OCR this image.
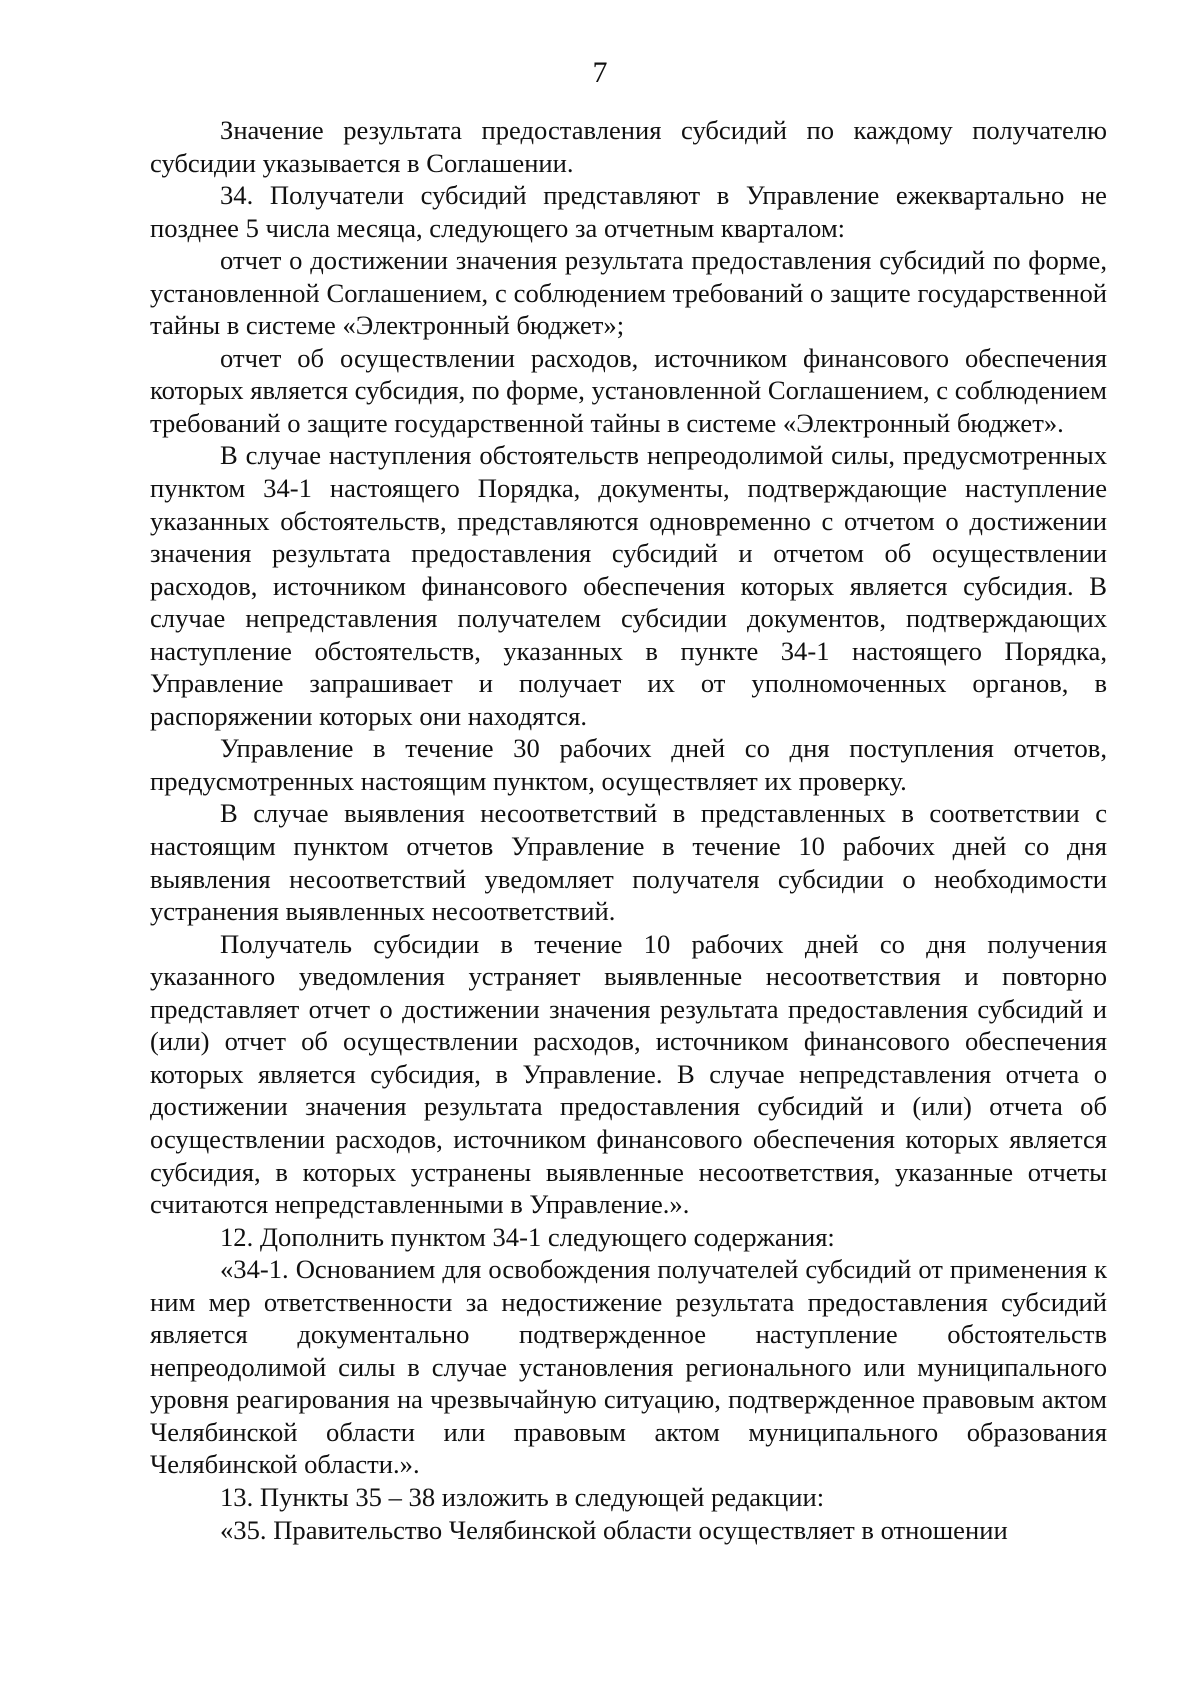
7

Значение результата предоставления субсидий по каждому получателю субсидии указывается в Соглашении.

34. Получатели субсидий представляют в Управление ежеквартально не позднее 5 числа месяца, следующего за отчетным кварталом:

отчет о достижении значения результата предоставления субсидий по форме, установленной Соглашением, с соблюдением требований о защите государственной тайны в системе «Электронный бюджет»;

отчет об осуществлении расходов, источником финансового обеспечения которых является субсидия, по форме, установленной Соглашением, с соблюдением требований о защите государственной тайны в системе «Электронный бюджет».

В случае наступления обстоятельств непреодолимой силы, предусмотренных пунктом 34-1 настоящего Порядка, документы, подтверждающие наступление указанных обстоятельств, представляются одновременно с отчетом о достижении значения результата предоставления субсидий и отчетом об осуществлении расходов, источником финансового обеспечения которых является субсидия. В случае непредставления получателем субсидии документов, подтверждающих наступление обстоятельств, указанных в пункте 34-1 настоящего Порядка, Управление запрашивает и получает их от уполномоченных органов, в распоряжении которых они находятся.

Управление в течение 30 рабочих дней со дня поступления отчетов, предусмотренных настоящим пунктом, осуществляет их проверку.

В случае выявления несоответствий в представленных в соответствии с настоящим пунктом отчетов Управление в течение 10 рабочих дней со дня выявления несоответствий уведомляет получателя субсидии о необходимости устранения выявленных несоответствий.

Получатель субсидии в течение 10 рабочих дней со дня получения указанного уведомления устраняет выявленные несоответствия и повторно представляет отчет о достижении значения результата предоставления субсидий и (или) отчет об осуществлении расходов, источником финансового обеспечения которых является субсидия, в Управление. В случае непредставления отчета о достижении значения результата предоставления субсидий и (или) отчета об осуществлении расходов, источником финансового обеспечения которых является субсидия, в которых устранены выявленные несоответствия, указанные отчеты считаются непредставленными в Управление.».

12. Дополнить пунктом 34-1 следующего содержания:

«34-1. Основанием для освобождения получателей субсидий от применения к ним мер ответственности за недостижение результата предоставления субсидий является документально подтвержденное наступление обстоятельств непреодолимой силы в случае установления регионального или муниципального уровня реагирования на чрезвычайную ситуацию, подтвержденное правовым актом Челябинской области или правовым актом муниципального образования Челябинской области.».

13. Пункты 35 – 38 изложить в следующей редакции:

«35. Правительство Челябинской области осуществляет в отношении
